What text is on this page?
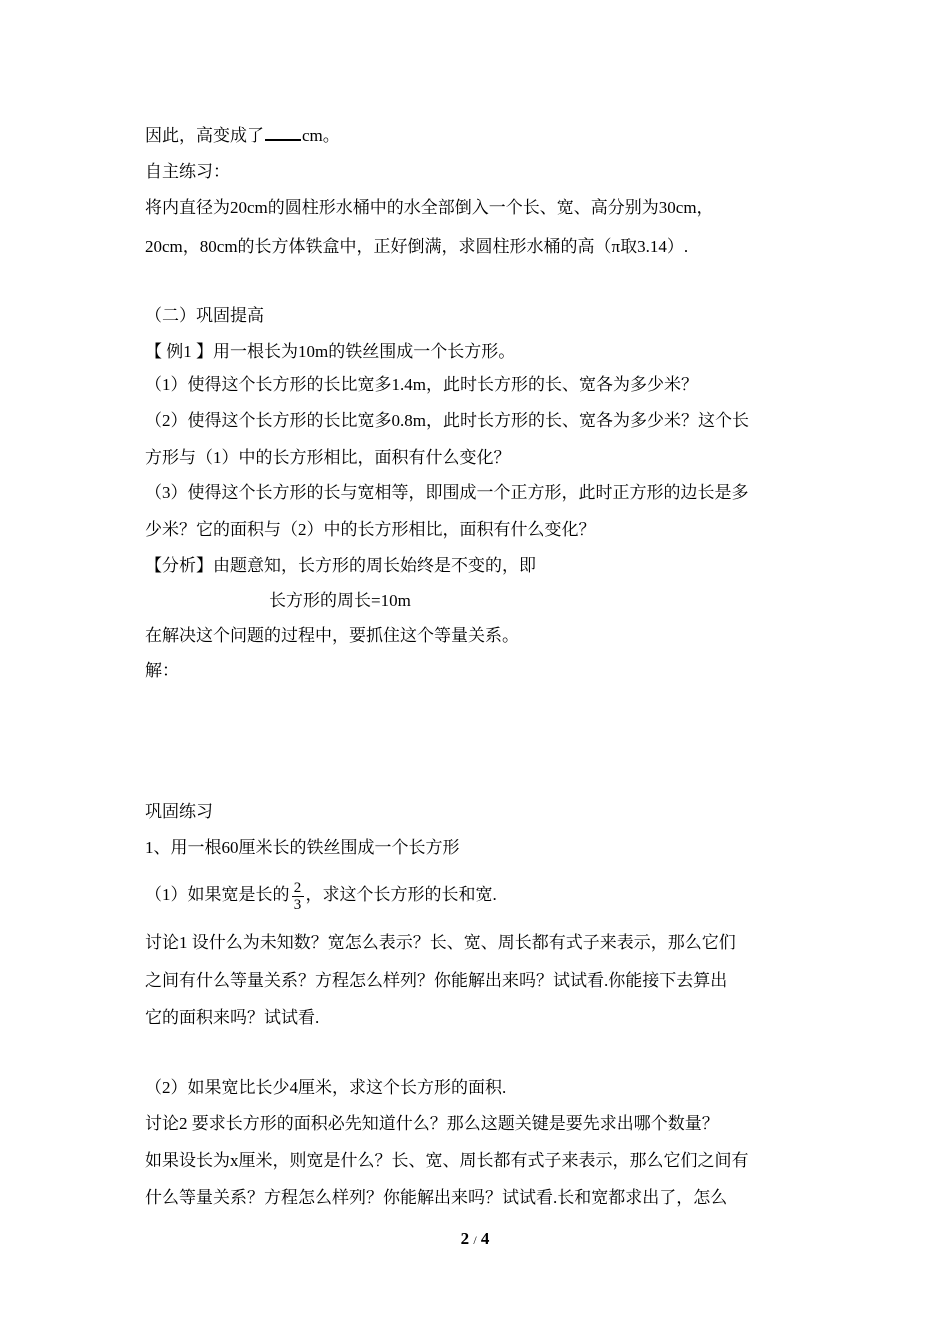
因此，高变成了 cm。
自主练习：
将内直径为20cm的圆柱形水桶中的水全部倒入一个长、宽、高分别为30cm，
20cm，80cm的长方体铁盒中，正好倒满，求圆柱形水桶的高（π取3.14）.
（二）巩固提高
【 例1 】用一根长为10m的铁丝围成一个长方形。
（1）使得这个长方形的长比宽多1.4m，此时长方形的长、宽各为多少米？
（2）使得这个长方形的长比宽多0.8m，此时长方形的长、宽各为多少米？这个长
方形与（1）中的长方形相比，面积有什么变化？
（3）使得这个长方形的长与宽相等，即围成一个正方形，此时正方形的边长是多
少米？它的面积与（2）中的长方形相比，面积有什么变化？
【分析】由题意知，长方形的周长始终是不变的，即
长方形的周长=10m
在解决这个问题的过程中，要抓住这个等量关系。
解：
巩固练习
1、用一根60厘米长的铁丝围成一个长方形
（1）如果宽是长的 $\frac{2}{3}$ ，求这个长方形的长和宽.
讨论1 设什么为未知数？宽怎么表示？长、宽、周长都有式子来表示，那么它们
之间有什么等量关系？方程怎么样列？你能解出来吗？试试看.你能接下去算出
它的面积来吗？试试看.
（2）如果宽比长少4厘米，求这个长方形的面积.
讨论2 要求长方形的面积必先知道什么？那么这题关键是要先求出哪个数量？
如果设长为x厘米，则宽是什么？长、宽、周长都有式子来表示，那么它们之间有
什么等量关系？方程怎么样列？你能解出来吗？试试看.长和宽都求出了，怎么
2 / 4
